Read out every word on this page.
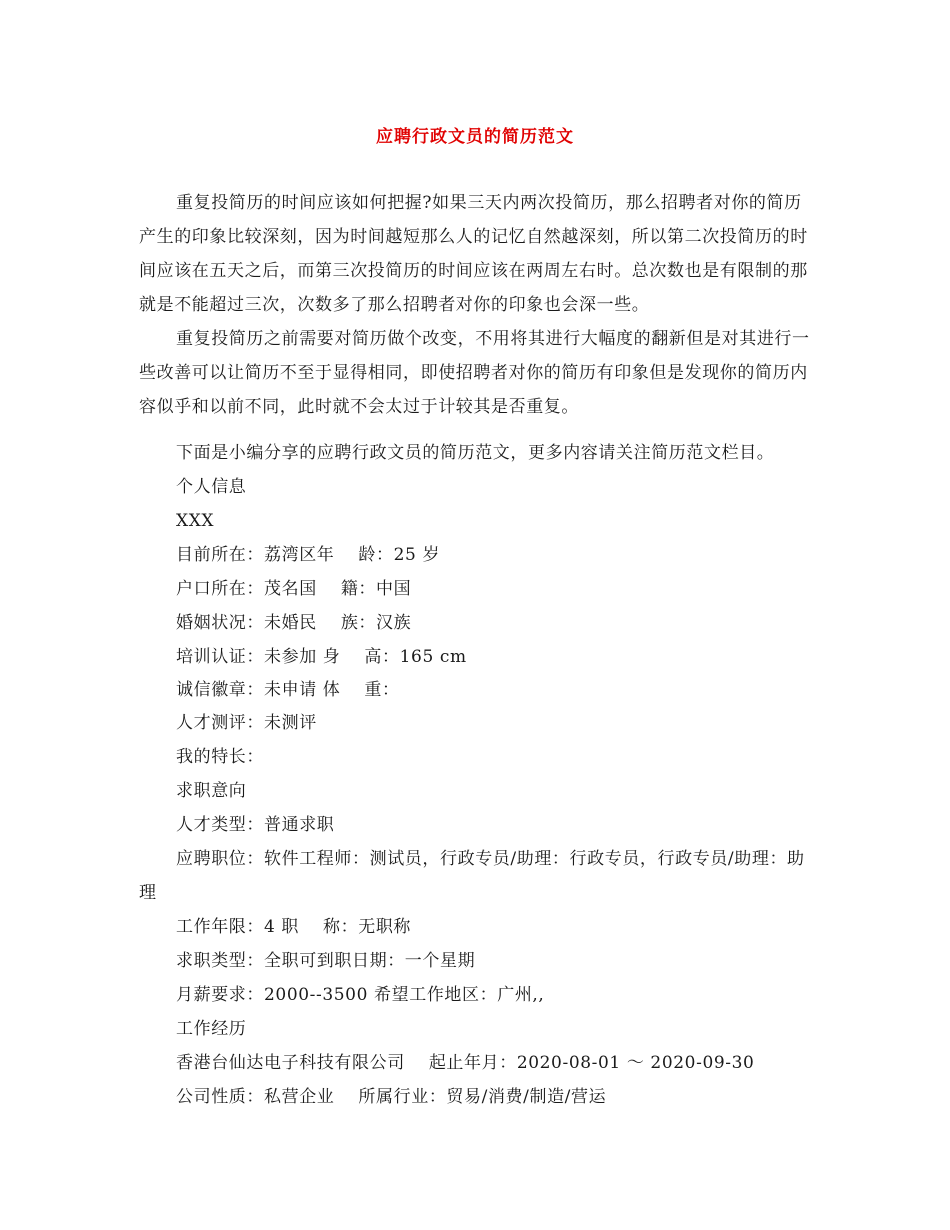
应聘行政文员的简历范文

重复投简历的时间应该如何把握?如果三天内两次投简历，那么招聘者对你的简历产生的印象比较深刻，因为时间越短那么人的记忆自然越深刻，所以第二次投简历的时间应该在五天之后，而第三次投简历的时间应该在两周左右时。总次数也是有限制的那就是不能超过三次，次数多了那么招聘者对你的印象也会深一些。

重复投简历之前需要对简历做个改变，不用将其进行大幅度的翻新但是对其进行一些改善可以让简历不至于显得相同，即使招聘者对你的简历有印象但是发现你的简历内容似乎和以前不同，此时就不会太过于计较其是否重复。

下面是小编分享的应聘行政文员的简历范文，更多内容请关注简历范文栏目。

个人信息
XXX
目前所在：荔湾区年    龄：25 岁
户口所在：茂名国    籍：中国
婚姻状况：未婚民    族：汉族
培训认证：未参加 身    高：165 cm
诚信徽章：未申请 体    重：
人才测评：未测评
我的特长：
求职意向
人才类型：普通求职

应聘职位：软件工程师：测试员，行政专员/助理：行政专员，行政专员/助理：助理

工作年限：4 职    称：无职称
求职类型：全职可到职日期：一个星期
月薪要求：2000--3500 希望工作地区：广州,,
工作经历
香港台仙达电子科技有限公司    起止年月：2020-08-01 ～ 2020-09-30
公司性质：私营企业    所属行业：贸易/消费/制造/营运
